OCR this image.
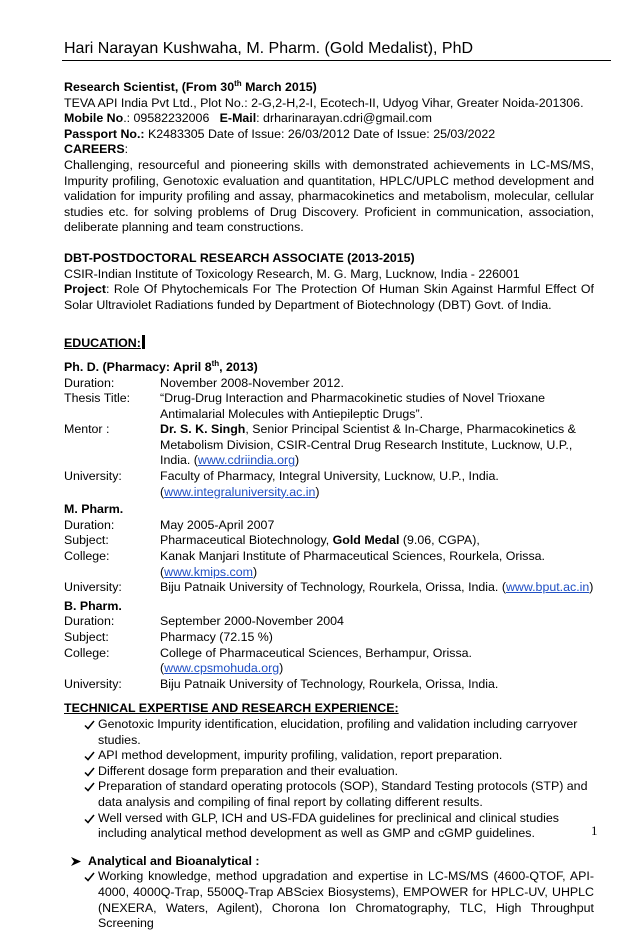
Hari Narayan Kushwaha, M. Pharm. (Gold Medalist), PhD

Research Scientist, (From 30th March 2015)

TEVA API India Pvt Ltd., Plot No.: 2-G,2-H,2-I, Ecotech-II, Udyog Vihar, Greater Noida-201306.

Mobile No.: 09582232006 E-Mail: drharinarayan.cdri@gmail.com

Passport No.: K2483305 Date of Issue: 26/03/2012 Date of Issue: 25/03/2022

CAREERS:

Challenging, resourceful and pioneering skills with demonstrated achievements in LC-MS/MS, Impurity profiling, Genotoxic evaluation and quantitation, HPLC/UPLC method development and validation for impurity profiling and assay, pharmacokinetics and metabolism, molecular, cellular studies etc. for solving problems of Drug Discovery. Proficient in communication, association, deliberate planning and team constructions.

DBT-POSTDOCTORAL RESEARCH ASSOCIATE (2013-2015)

CSIR-Indian Institute of Toxicology Research, M. G. Marg, Lucknow, India - 226001

Project: Role Of Phytochemicals For The Protection Of Human Skin Against Harmful Effect Of Solar Ultraviolet Radiations funded by Department of Biotechnology (DBT) Govt. of India.

EDUCATION:

Ph. D. (Pharmacy: April 8th, 2013)

Duration:	November 2008-November 2012.
Thesis Title:	“Drug-Drug Interaction and Pharmacokinetic studies of Novel Trioxane Antimalarial Molecules with Antiepileptic Drugs”.
Mentor :	Dr. S. K. Singh, Senior Principal Scientist & In-Charge, Pharmacokinetics & Metabolism Division, CSIR-Central Drug Research Institute, Lucknow, U.P., India. (www.cdriindia.org)
University:	Faculty of Pharmacy, Integral University, Lucknow, U.P., India. (www.integraluniversity.ac.in)

M. Pharm.

Duration:	May 2005-April 2007
Subject:	Pharmaceutical Biotechnology, Gold Medal (9.06, CGPA),
College:	Kanak Manjari Institute of Pharmaceutical Sciences, Rourkela, Orissa. (www.kmips.com)
University:	Biju Patnaik University of Technology, Rourkela, Orissa, India. (www.bput.ac.in)

B. Pharm.

Duration:	September 2000-November 2004
Subject:	Pharmacy (72.15 %)
College:	College of Pharmaceutical Sciences, Berhampur, Orissa. (www.cpsmohuda.org)
University:	Biju Patnaik University of Technology, Rourkela, Orissa, India.

TECHNICAL EXPERTISE AND RESEARCH EXPERIENCE:

Genotoxic Impurity identification, elucidation, profiling and validation including carryover studies.
API method development, impurity profiling, validation, report preparation.
Different dosage form preparation and their evaluation.
Preparation of standard operating protocols (SOP), Standard Testing protocols (STP) and data analysis and compiling of final report by collating different results.
Well versed with GLP, ICH and US-FDA guidelines for preclinical and clinical studies including analytical method development as well as GMP and cGMP guidelines.
Analytical and Bioanalytical :
Working knowledge, method upgradation and expertise in LC-MS/MS (4600-QTOF, API-4000, 4000Q-Trap, 5500Q-Trap ABSciex Biosystems), EMPOWER for HPLC-UV, UHPLC (NEXERA, Waters, Agilent), Chorona Ion Chromatography, TLC, High Throughput Screening
1
